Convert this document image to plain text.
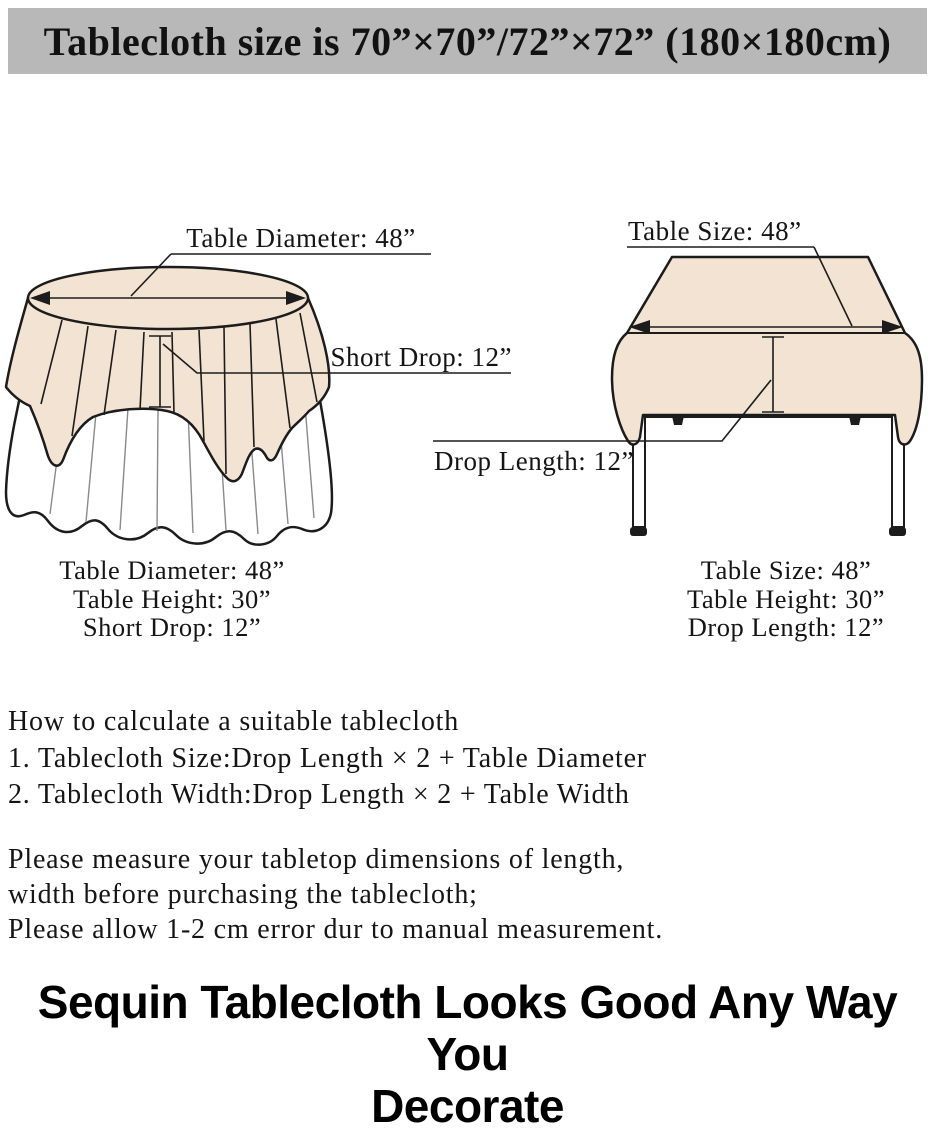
Tablecloth size is 70”×70”/72”×72” (180×180cm)
Table Diameter: 48”
Short Drop: 12”
Table Size: 48”
Drop Length: 12”
Table Diameter: 48”
Table Height: 30”
Short Drop: 12”
Table Size: 48”
Table Height: 30”
Drop Length: 12”

How to calculate a suitable tablecloth

1. Tablecloth Size:Drop Length × 2 + Table Diameter

2. Tablecloth Width:Drop Length × 2 + Table Width

Please measure your tabletop dimensions of length,

width before purchasing the tablecloth;

Please allow 1-2 cm error dur to manual measurement.

Sequin Tablecloth Looks Good Any Way You
Decorate
